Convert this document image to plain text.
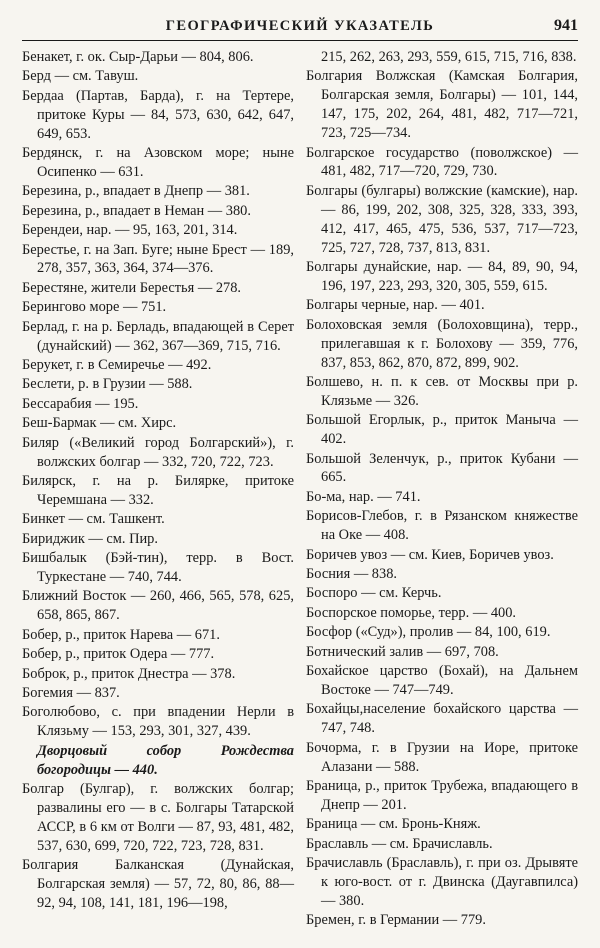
ГЕОГРАФИЧЕСКИЙ УКАЗАТЕЛЬ	941

Бенакет, г. ок. Сыр-Дарьи — 804, 806.

Берд — см. Тавуш.

Бердаа (Партав, Барда), г. на Тертере, притоке Куры — 84, 573, 630, 642, 647, 649, 653.

Бердянск, г. на Азовском море; ныне Осипенко — 631.

Березина, р., впадает в Днепр — 381.

Березина, р., впадает в Неман — 380.

Берендеи, нар. — 95, 163, 201, 314.

Берестье, г. на Зап. Буге; ныне Брест — 189, 278, 357, 363, 364, 374—376.

Берестяне, жители Берестья — 278.

Берингово море — 751.

Берлад, г. на р. Берладь, впадающей в Серет (дунайский) — 362, 367—369, 715, 716.

Берукет, г. в Семиречье — 492.

Беслети, р. в Грузии — 588.

Бессарабия — 195.

Беш-Бармак — см. Хирс.

Биляр («Великий город Болгарский»), г. волжских болгар — 332, 720, 722, 723.

Билярск, г. на р. Билярке, притоке Черемшана — 332.

Бинкет — см. Ташкент.

Бириджик — см. Пир.

Бишбалык (Бэй-тин), терр. в Вост. Туркестане — 740, 744.

Ближний Восток — 260, 466, 565, 578, 625, 658, 865, 867.

Бобер, р., приток Нарева — 671.

Бобер, р., приток Одера — 777.

Боброк, р., приток Днестра — 378.

Богемия — 837.

Боголюбово, с. при впадении Нерли в Клязьму — 153, 293, 301, 327, 439.

Дворцовый собор Рождества богородицы — 440.

Болгар (Булгар), г. волжских болгар; развалины его — в с. Болгары Татарской АССР, в 6 км от Волги — 87, 93, 481, 482, 537, 630, 699, 720, 722, 723, 728, 831.

Болгария Балканская (Дунайская, Болгарская земля) — 57, 72, 80, 86, 88—92, 94, 108, 141, 181, 196—198,

215, 262, 263, 293, 559, 615, 715, 716, 838.

Болгария Волжская (Камская Болгария, Болгарская земля, Болгары) — 101, 144, 147, 175, 202, 264, 481, 482, 717—721, 723, 725—734.

Болгарское государство (поволжское) — 481, 482, 717—720, 729, 730.

Болгары (булгары) волжские (камские), нар. — 86, 199, 202, 308, 325, 328, 333, 393, 412, 417, 465, 475, 536, 537, 717—723, 725, 727, 728, 737, 813, 831.

Болгары дунайские, нар. — 84, 89, 90, 94, 196, 197, 223, 293, 320, 305, 559, 615.

Болгары черные, нар. — 401.

Болоховская земля (Болоховщина), терр., прилегавшая к г. Болохову — 359, 776, 837, 853, 862, 870, 872, 899, 902.

Болшево, н. п. к сев. от Москвы при р. Клязьме — 326.

Большой Егорлык, р., приток Маныча — 402.

Большой Зеленчук, р., приток Кубани — 665.

Бо-ма, нар. — 741.

Борисов-Глебов, г. в Рязанском княжестве на Оке — 408.

Боричев увоз — см. Киев, Боричев увоз.

Босния — 838.

Боспоро — см. Керчь.

Боспорское поморье, терр. — 400.

Босфор («Суд»), пролив — 84, 100, 619.

Ботнический залив — 697, 708.

Бохайское царство (Бохай), на Дальнем Востоке — 747—749.

Бохайцы,население бохайского царства — 747, 748.

Бочорма, г. в Грузии на Иоре, притоке Алазани — 588.

Браница, р., приток Трубежа, впадающего в Днепр — 201.

Браница — см. Бронь-Княж.

Браславль — см. Брачиславль.

Брачиславль (Браславль), г. при оз. Дрывяте к юго-вост. от г. Двинска (Даугавпилса) — 380.

Бремен, г. в Германии — 779.
